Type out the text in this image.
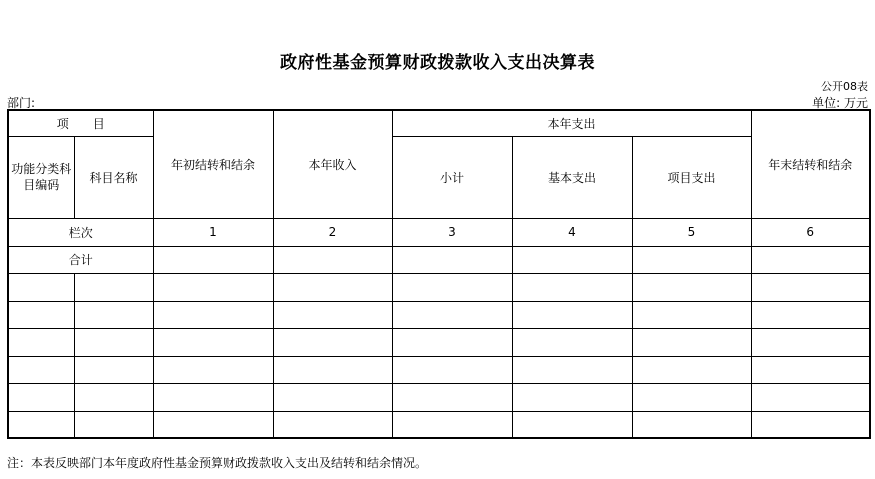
政府性基金预算财政拨款收入支出决算表
公开08表
部门:	单位: 万元
项　　目		年初结转和结余	本年收入	本年支出			年末结转和结余
功能分类科目编码	科目名称			小计	基本支出	项目支出	

栏次		1	2	3	4	5	6
合计							

注：本表反映部门本年度政府性基金预算财政拨款收入支出及结转和结余情况。
